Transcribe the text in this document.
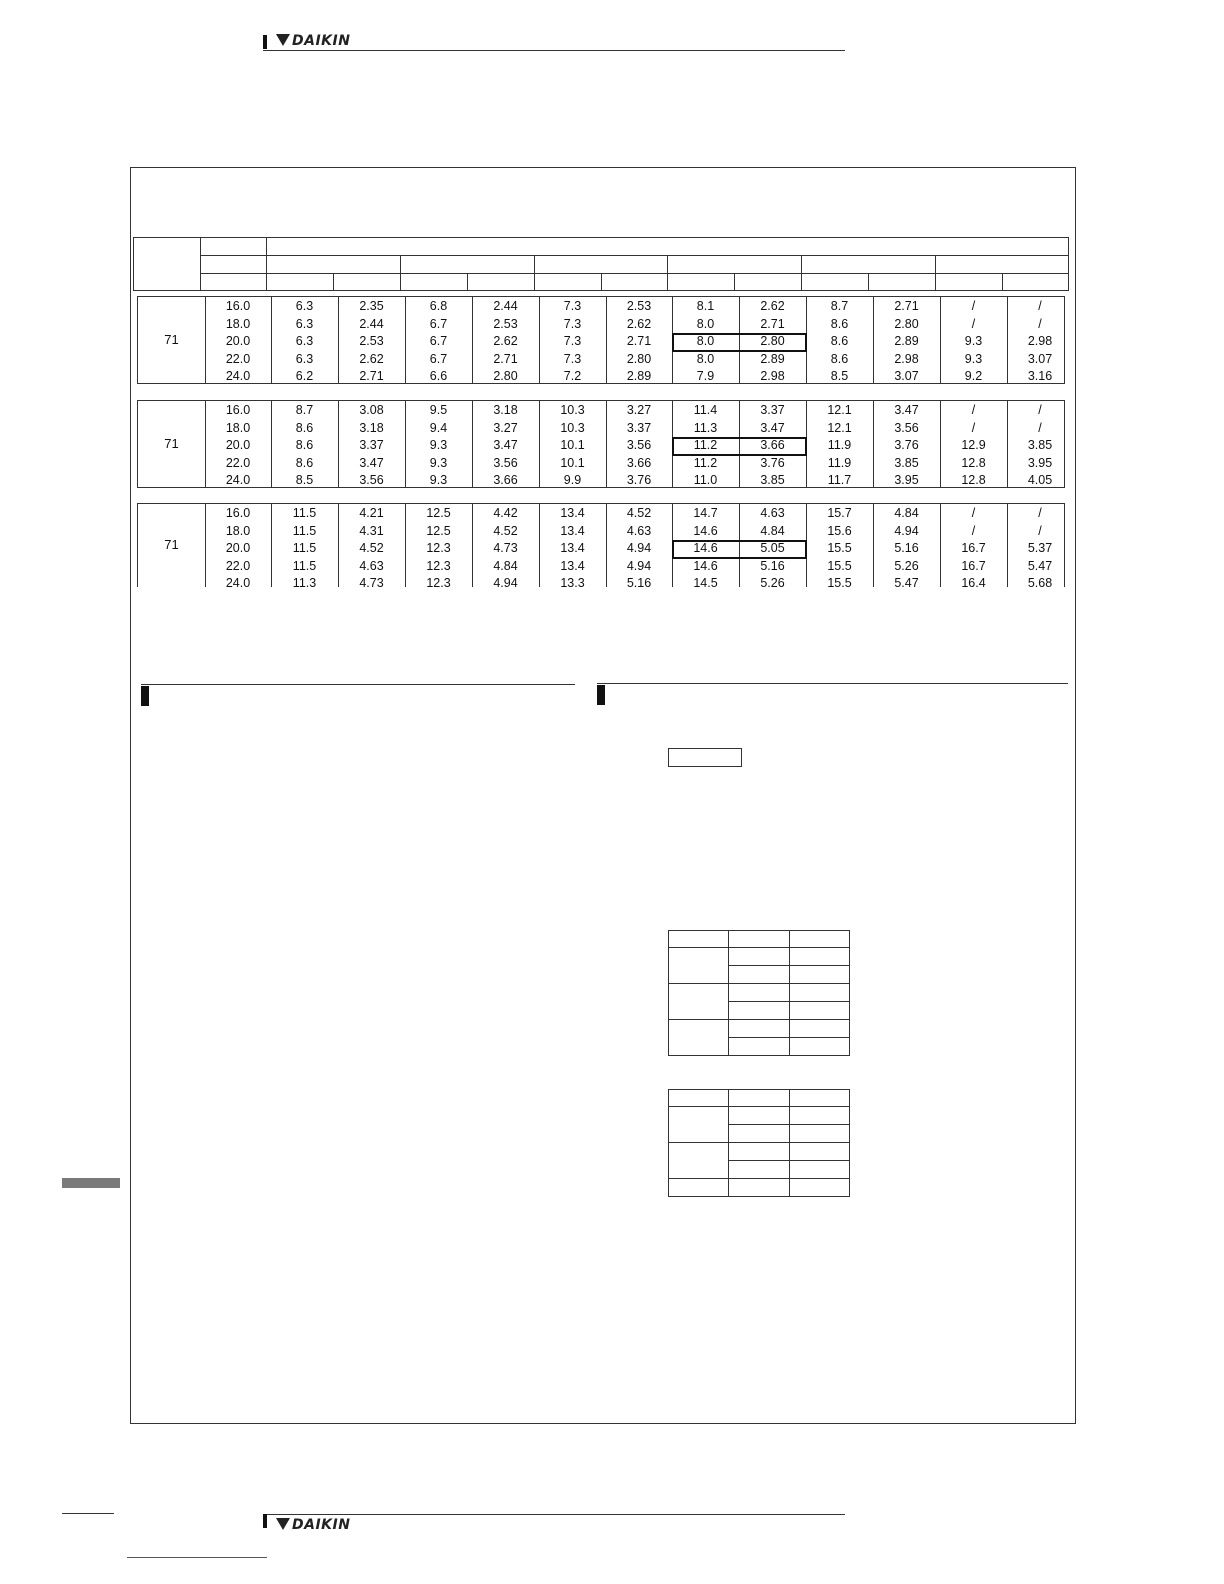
DAIKIN
71
16.0	6.3	2.35	6.8	2.44	7.3	2.53	8.1	2.62	8.7	2.71	/	/
18.0	6.3	2.44	6.7	2.53	7.3	2.62	8.0	2.71	8.6	2.80	/	/
20.0	6.3	2.53	6.7	2.62	7.3	2.71	8.0	2.80	8.6	2.89	9.3	2.98
22.0	6.3	2.62	6.7	2.71	7.3	2.80	8.0	2.89	8.6	2.98	9.3	3.07
24.0	6.2	2.71	6.6	2.80	7.2	2.89	7.9	2.98	8.5	3.07	9.2	3.16
71
16.0	8.7	3.08	9.5	3.18	10.3	3.27	11.4	3.37	12.1	3.47	/	/
18.0	8.6	3.18	9.4	3.27	10.3	3.37	11.3	3.47	12.1	3.56	/	/
20.0	8.6	3.37	9.3	3.47	10.1	3.56	11.2	3.66	11.9	3.76	12.9	3.85
22.0	8.6	3.47	9.3	3.56	10.1	3.66	11.2	3.76	11.9	3.85	12.8	3.95
24.0	8.5	3.56	9.3	3.66	9.9	3.76	11.0	3.85	11.7	3.95	12.8	4.05
71
16.0	11.5	4.21	12.5	4.42	13.4	4.52	14.7	4.63	15.7	4.84	/	/
18.0	11.5	4.31	12.5	4.52	13.4	4.63	14.6	4.84	15.6	4.94	/	/
20.0	11.5	4.52	12.3	4.73	13.4	4.94	14.6	5.05	15.5	5.16	16.7	5.37
22.0	11.5	4.63	12.3	4.84	13.4	4.94	14.6	5.16	15.5	5.26	16.7	5.47
24.0	11.3	4.73	12.3	4.94	13.3	5.16	14.5	5.26	15.5	5.47	16.4	5.68
DAIKIN
